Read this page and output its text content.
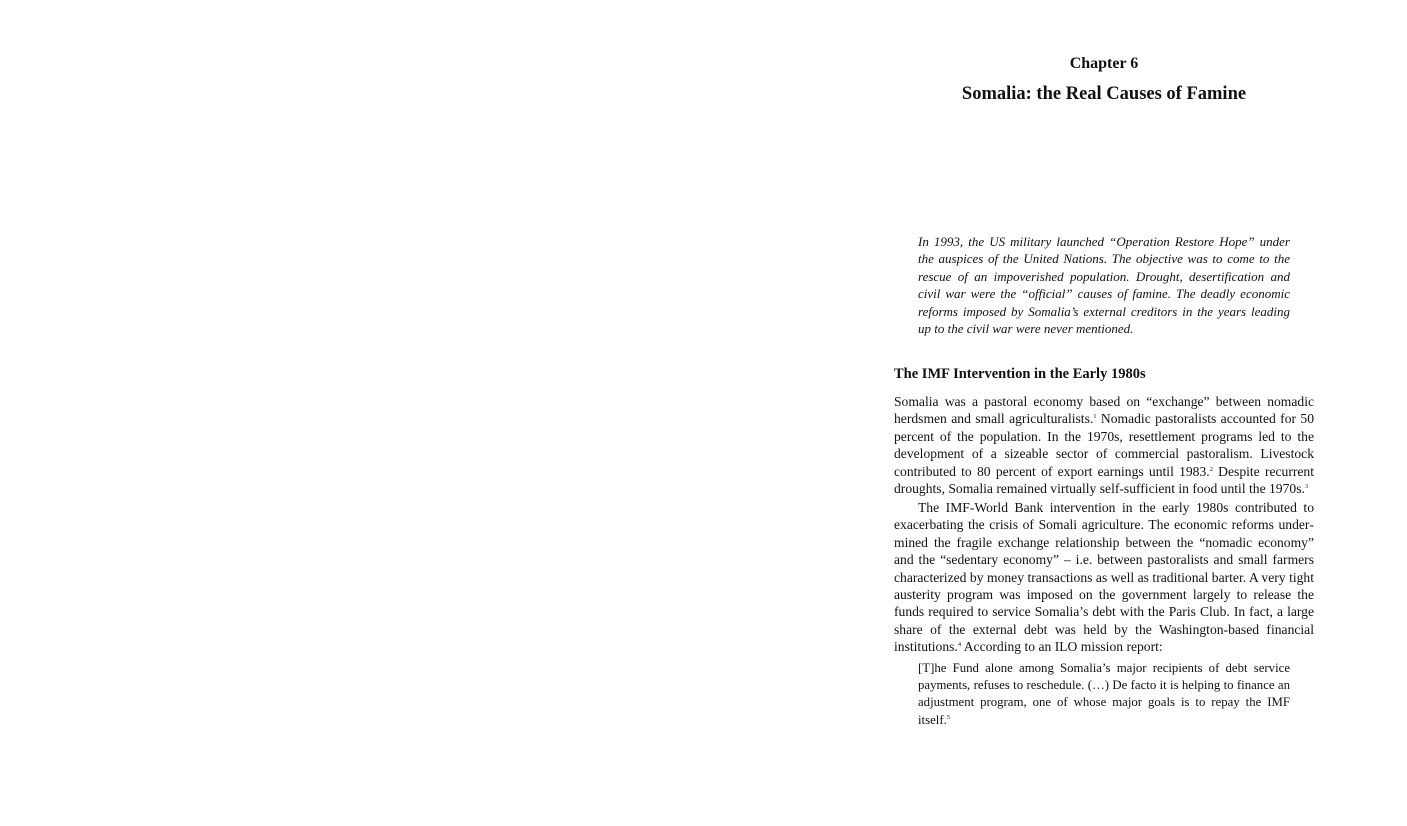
Chapter 6
Somalia: the Real Causes of Famine

In 1993, the US military launched “Operation Restore Hope” under the auspices of the United Nations. The objective was to come to the rescue of an impoverished population. Drought, desertification and civil war were the “official” causes of famine. The deadly economic reforms imposed by Somalia’s external creditors in the years leading up to the civil war were never mentioned.

The IMF Intervention in the Early 1980s

Somalia was a pastoral economy based on “exchange” between nomadic herdsmen and small agriculturalists.$^1$ Nomadic pastoralists accounted for 50 percent of the population. In the 1970s, resettlement programs led to the development of a sizeable sector of commercial pastoralism. Livestock contributed to 80 percent of export earnings until 1983.$^2$ Despite recurrent droughts, Somalia remained virtually self-sufficient in food until the 1970s.$^3$

The IMF-World Bank intervention in the early 1980s contributed to exacerbating the crisis of Somali agriculture. The economic reforms undermined the fragile exchange relationship between the “nomadic economy” and the “sedentary economy” – i.e. between pastoralists and small farmers characterized by money transactions as well as traditional barter. A very tight austerity program was imposed on the government largely to release the funds required to service Somalia’s debt with the Paris Club. In fact, a large share of the external debt was held by the Washington-based financial institutions.$^4$ According to an ILO mission report:

[T]he Fund alone among Somalia’s major recipients of debt service payments, refuses to reschedule. (…) De facto it is helping to finance an adjustment program, one of whose major goals is to repay the IMF itself.$^5$
